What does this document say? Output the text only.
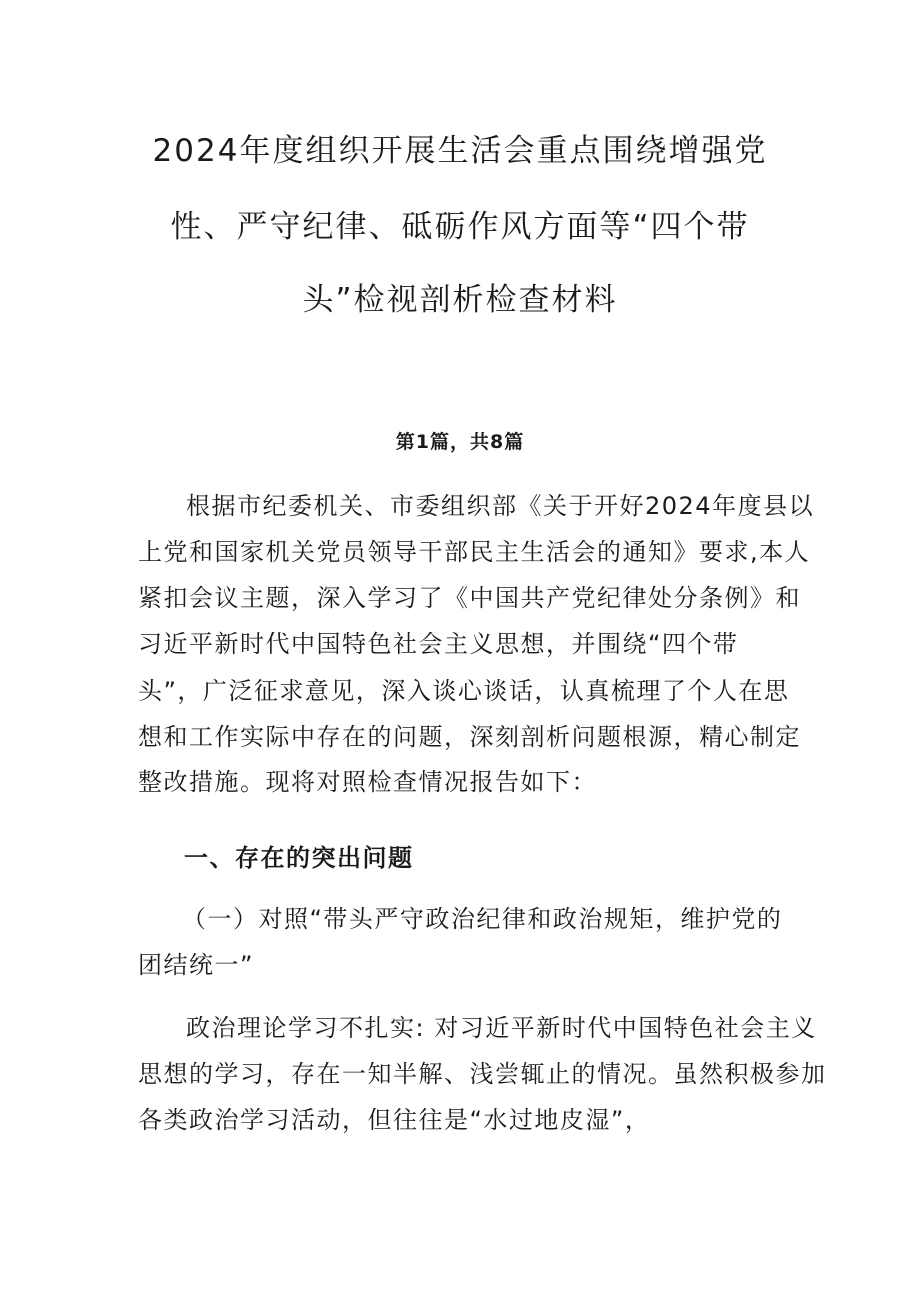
2024年度组织开展生活会重点围绕增强党
性、严守纪律、砥砺作风方面等“四个带
头”检视剖析检查材料
第1篇，共8篇
根据市纪委机关、市委组织部《关于开好2024年度县以
上党和国家机关党员领导干部民主生活会的通知》要求,本人
紧扣会议主题，深入学习了《中国共产党纪律处分条例》和
习近平新时代中国特色社会主义思想，并围绕“四个带
头”，广泛征求意见，深入谈心谈话，认真梳理了个人在思
想和工作实际中存在的问题，深刻剖析问题根源，精心制定
整改措施。现将对照检查情况报告如下：
一、存在的突出问题
（一）对照“带头严守政治纪律和政治规矩，维护党的
团结统一”
政治理论学习不扎实: 对习近平新时代中国特色社会主义
思想的学习，存在一知半解、浅尝辄止的情况。虽然积极参加
各类政治学习活动，但往往是“水过地皮湿”，
